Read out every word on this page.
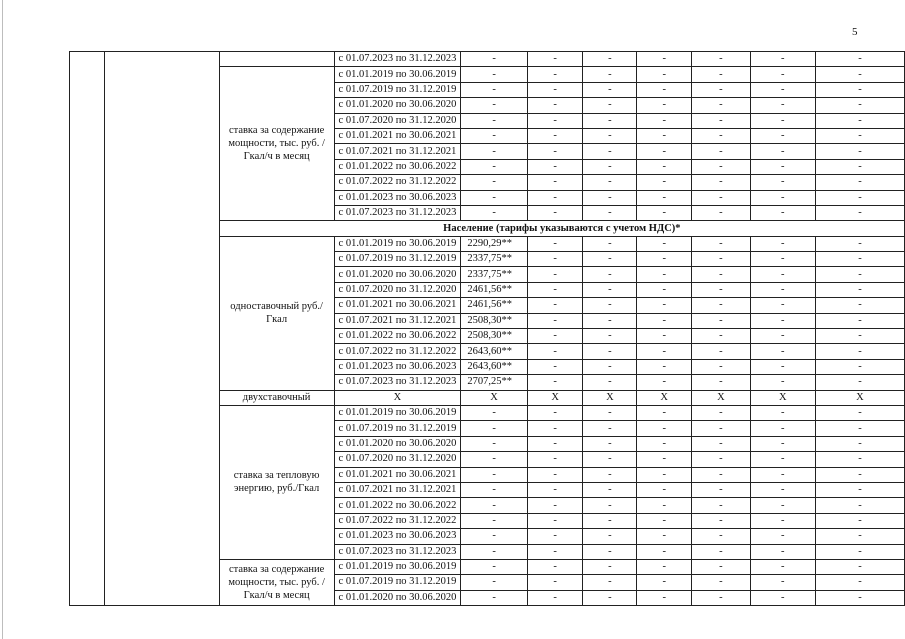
5
			с 01.07.2023 по 31.12.2023	-	-	-	-	-	-	-
		ставка за содержание мощности, тыс. руб. /Гкал/ч в месяц	с 01.01.2019 по 30.06.2019	-	-	-	-	-	-	-
			с 01.07.2019 по 31.12.2019	-	-	-	-	-	-	-
			с 01.01.2020 по 30.06.2020	-	-	-	-	-	-	-
			с 01.07.2020 по 31.12.2020	-	-	-	-	-	-	-
			с 01.01.2021 по 30.06.2021	-	-	-	-	-	-	-
			с 01.07.2021 по 31.12.2021	-	-	-	-	-	-	-
			с 01.01.2022 по 30.06.2022	-	-	-	-	-	-	-
			с 01.07.2022 по 31.12.2022	-	-	-	-	-	-	-
			с 01.01.2023 по 30.06.2023	-	-	-	-	-	-	-
			с 01.07.2023 по 31.12.2023	-	-	-	-	-	-	-
		Население (тарифы указываются с учетом НДС)*								
		одноставочный руб./Гкал	с 01.01.2019 по 30.06.2019	2290,29**	-	-	-	-	-	-
			с 01.07.2019 по 31.12.2019	2337,75**	-	-	-	-	-	-
			с 01.01.2020 по 30.06.2020	2337,75**	-	-	-	-	-	-
			с 01.07.2020 по 31.12.2020	2461,56**	-	-	-	-	-	-
			с 01.01.2021 по 30.06.2021	2461,56**	-	-	-	-	-	-
			с 01.07.2021 по 31.12.2021	2508,30**	-	-	-	-	-	-
			с 01.01.2022 по 30.06.2022	2508,30**	-	-	-	-	-	-
			с 01.07.2022 по 31.12.2022	2643,60**	-	-	-	-	-	-
			с 01.01.2023 по 30.06.2023	2643,60**	-	-	-	-	-	-
			с 01.07.2023 по 31.12.2023	2707,25**	-	-	-	-	-	-
		двухставочный	X	X	X	X	X	X	X	X
		ставка за тепловую энергию, руб./Гкал	с 01.01.2019 по 30.06.2019	-	-	-	-	-	-	-
			с 01.07.2019 по 31.12.2019	-	-	-	-	-	-	-
			с 01.01.2020 по 30.06.2020	-	-	-	-	-	-	-
			с 01.07.2020 по 31.12.2020	-	-	-	-	-	-	-
			с 01.01.2021 по 30.06.2021	-	-	-	-	-	-	-
			с 01.07.2021 по 31.12.2021	-	-	-	-	-	-	-
			с 01.01.2022 по 30.06.2022	-	-	-	-	-	-	-
			с 01.07.2022 по 31.12.2022	-	-	-	-	-	-	-
			с 01.01.2023 по 30.06.2023	-	-	-	-	-	-	-
			с 01.07.2023 по 31.12.2023	-	-	-	-	-	-	-
		ставка за содержание мощности, тыс. руб. /Гкал/ч в месяц	с 01.01.2019 по 30.06.2019	-	-	-	-	-	-	-
			с 01.07.2019 по 31.12.2019	-	-	-	-	-	-	-
			с 01.01.2020 по 30.06.2020	-	-	-	-	-	-	-
